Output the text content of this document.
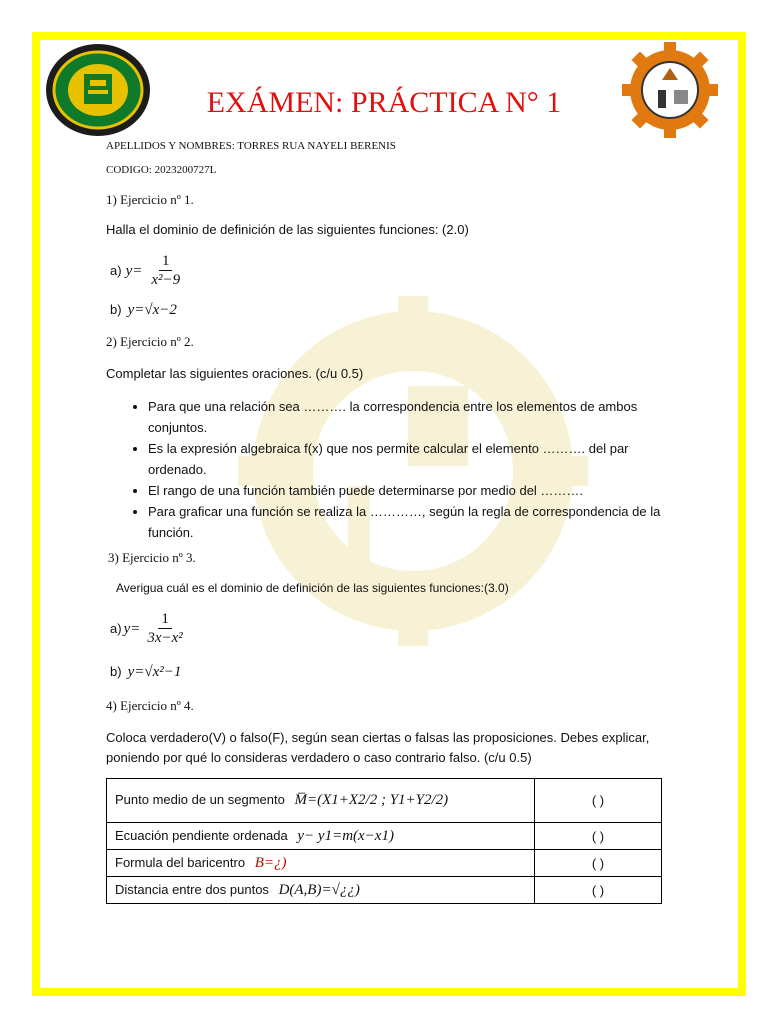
EXÁMEN: PRÁCTICA N° 1
APELLIDOS Y NOMBRES: TORRES RUA NAYELI BERENIS
CODIGO: 2023200727L
1) Ejercicio nº 1.
Halla el dominio de definición de las siguientes funciones: (2.0)
a) $y= \frac{1}{\text{x²−9}}$
b) y=√x−2
2) Ejercicio nº 2.
Completar las siguientes oraciones. (c/u 0.5)
• Para que una relación sea ………. la correspondencia entre los elementos de ambos conjuntos.
• Es la expresión algebraica f(x) que nos permite calcular el elemento ………. del par ordenado.
• El rango de una función también puede determinarse por medio del ……….
• Para graficar una función se realiza la …………, según la regla de correspondencia de la función.
3) Ejercicio nº 3.
Averigua cuál es el dominio de definición de las siguientes funciones:(3.0)
a) $y= \frac{1}{\text{3x−x²}}$
b) y=√x²−1
4) Ejercicio nº 4.
Coloca verdadero(V) o falso(F), según sean ciertas o falsas las proposiciones. Debes explicar, poniendo por qué lo consideras verdadero o caso contrario falso. (c/u 0.5)
Punto medio de un segmento M̅=(X1+X2/2 ; Y1+Y2/2)	( )
Ecuación pendiente ordenada y− y1=m(x−x1)	( )
Formula del baricentro B=¿)	( )
Distancia entre dos puntos D(A,B)=√¿¿)	( )
